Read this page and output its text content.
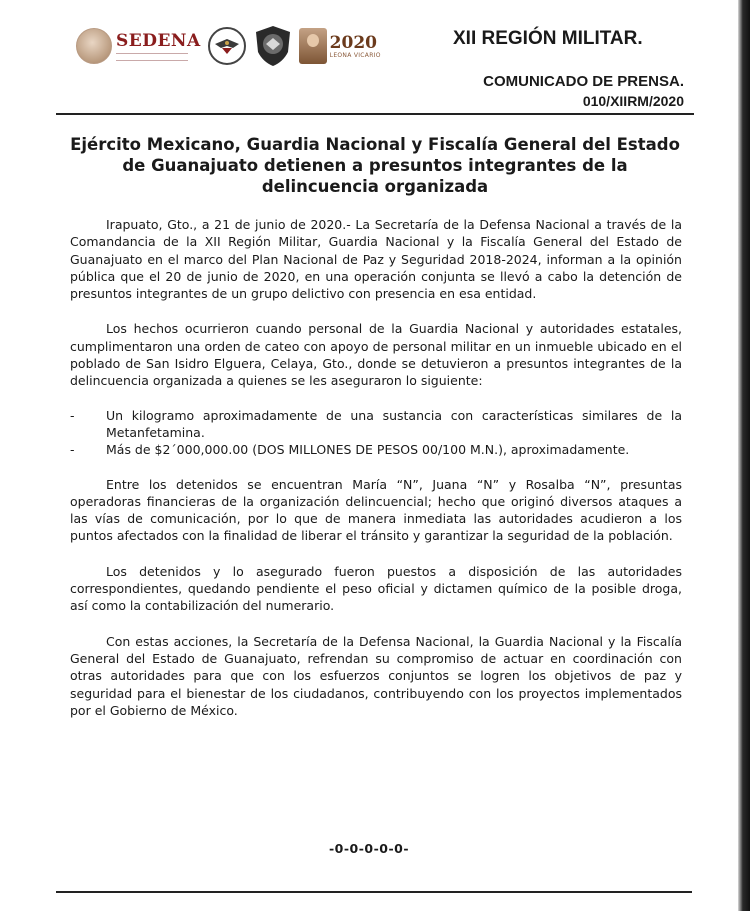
SEDENA	2020
LEONA VICARIO
XII REGIÓN MILITAR.
COMUNICADO DE PRENSA.
010/XIIRM/2020
Ejército Mexicano, Guardia Nacional y Fiscalía General del Estado de Guanajuato detienen a presuntos integrantes de la delincuencia organizada

Irapuato, Gto., a 21 de junio de 2020.- La Secretaría de la Defensa Nacional a través de la Comandancia de la XII Región Militar, Guardia Nacional y la Fiscalía General del Estado de Guanajuato en el marco del Plan Nacional de Paz y Seguridad 2018-2024, informan a la opinión pública que el 20 de junio de 2020, en una operación conjunta se llevó a cabo la detención de presuntos integrantes de un grupo delictivo con presencia en esa entidad.

Los hechos ocurrieron cuando personal de la Guardia Nacional y autoridades estatales, cumplimentaron una orden de cateo con apoyo de personal militar en un inmueble ubicado en el poblado de San Isidro Elguera, Celaya, Gto., donde se detuvieron a presuntos integrantes de la delincuencia organizada a quienes se les aseguraron lo siguiente:

-	Un kilogramo aproximadamente de una sustancia con características similares de la Metanfetamina.
-	Más de $2´000,000.00 (DOS MILLONES DE PESOS 00/100 M.N.), aproximadamente.

Entre los detenidos se encuentran María “N”, Juana “N” y Rosalba “N”, presuntas operadoras financieras de la organización delincuencial; hecho que originó diversos ataques a las vías de comunicación, por lo que de manera inmediata las autoridades acudieron a los puntos afectados con la finalidad de liberar el tránsito y garantizar la seguridad de la población.

Los detenidos y lo asegurado fueron puestos a disposición de las autoridades correspondientes, quedando pendiente el peso oficial y dictamen químico de la posible droga, así como la contabilización del numerario.

Con estas acciones, la Secretaría de la Defensa Nacional, la Guardia Nacional y la Fiscalía General del Estado de Guanajuato, refrendan su compromiso de actuar en coordinación con otras autoridades para que con los esfuerzos conjuntos se logren los objetivos de paz y seguridad para el bienestar de los ciudadanos, contribuyendo con los proyectos implementados por el Gobierno de México.

-0-0-0-0-0-
